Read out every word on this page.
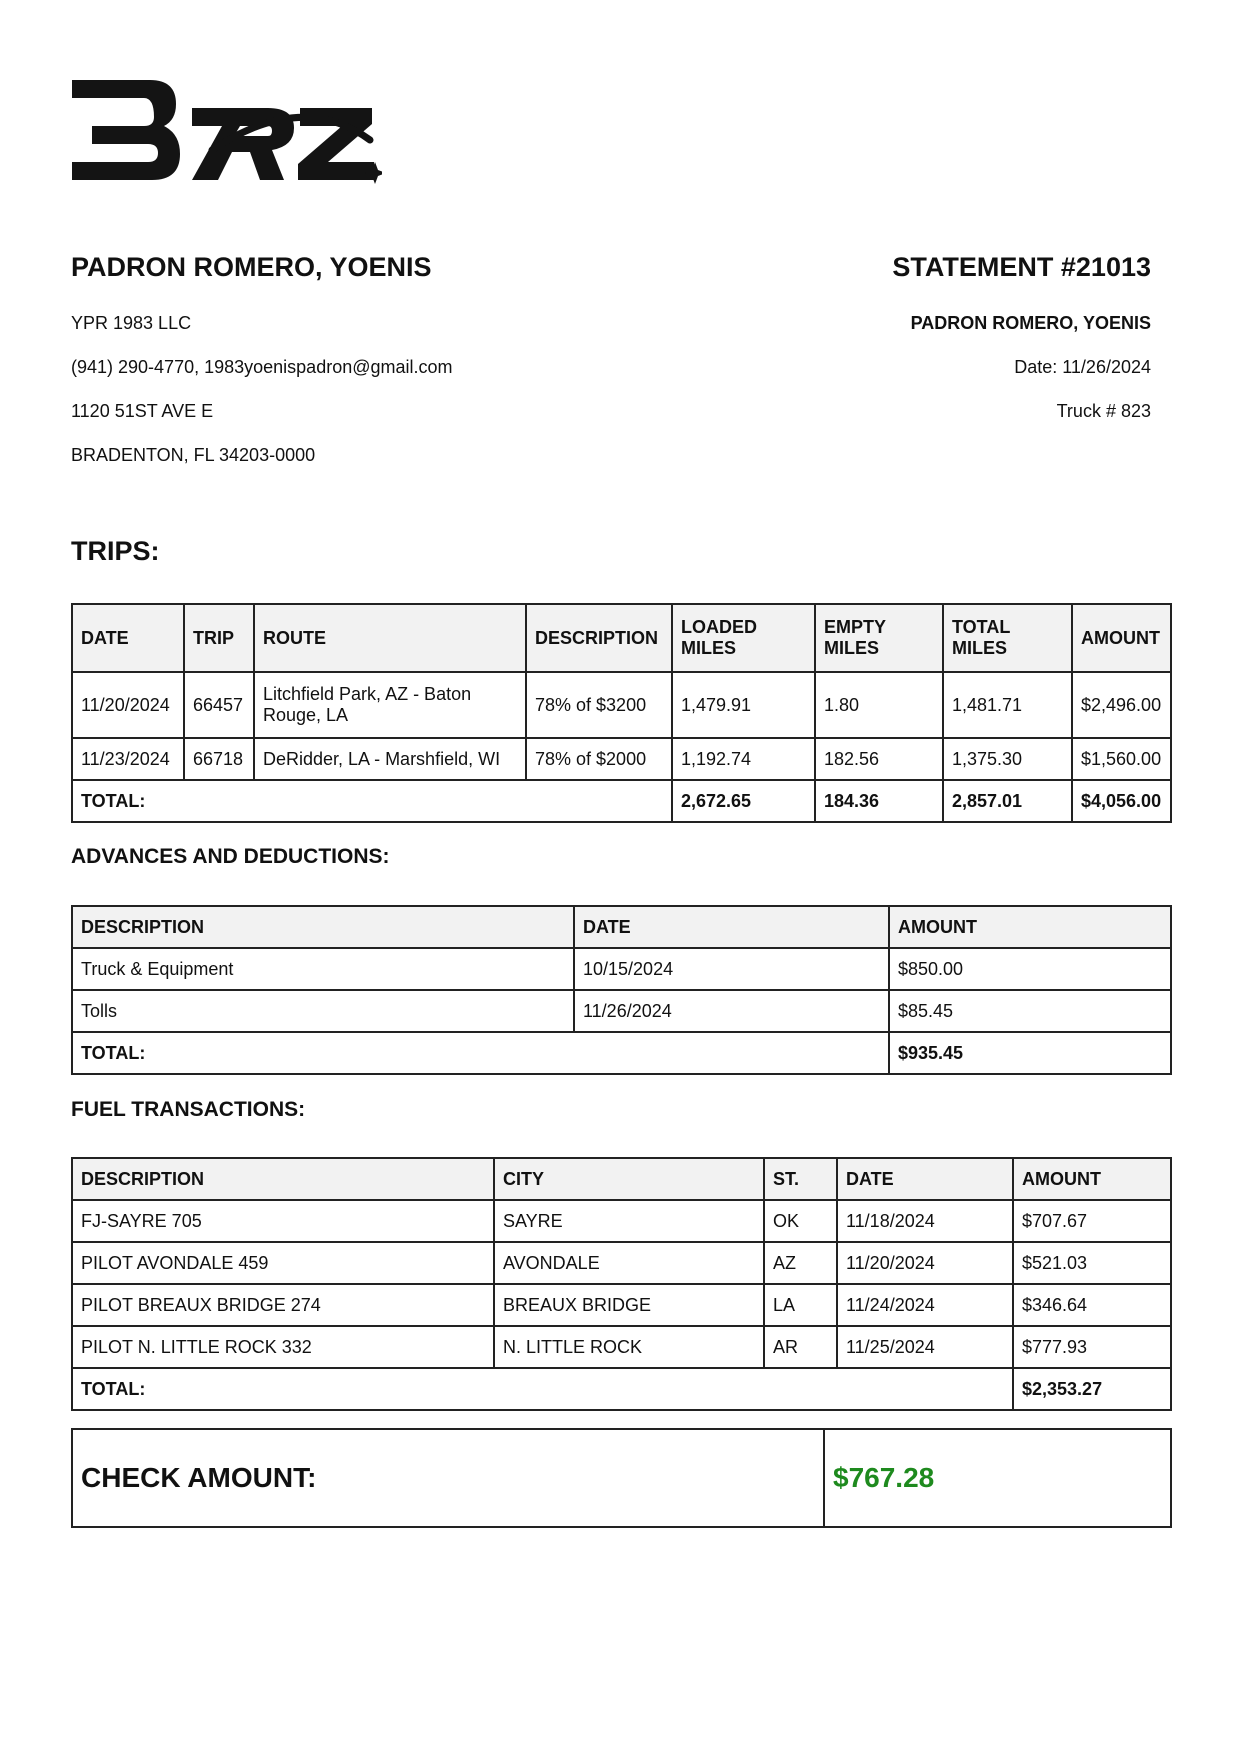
PADRON ROMERO, YOENIS
YPR 1983 LLC
(941) 290-4770, 1983yoenispadron@gmail.com
1120 51ST AVE E
BRADENTON, FL 34203-0000
STATEMENT #21013
PADRON ROMERO, YOENIS
Date: 11/26/2024
Truck # 823
TRIPS:
DATE	TRIP	ROUTE	DESCRIPTION	LOADED MILES	EMPTY MILES	TOTAL MILES	AMOUNT
11/20/2024	66457	Litchfield Park, AZ - Baton Rouge, LA	78% of $3200	1,479.91	1.80	1,481.71	$2,496.00
11/23/2024	66718	DeRidder, LA - Marshfield, WI	78% of $2000	1,192.74	182.56	1,375.30	$1,560.00
TOTAL:				2,672.65	184.36	2,857.01	$4,056.00
ADVANCES AND DEDUCTIONS:
DESCRIPTION	DATE	AMOUNT
Truck & Equipment	10/15/2024	$850.00
Tolls	11/26/2024	$85.45
TOTAL:		$935.45
FUEL TRANSACTIONS:
DESCRIPTION	CITY	ST.	DATE	AMOUNT
FJ-SAYRE 705	SAYRE	OK	11/18/2024	$707.67
PILOT AVONDALE 459	AVONDALE	AZ	11/20/2024	$521.03
PILOT BREAUX BRIDGE 274	BREAUX BRIDGE	LA	11/24/2024	$346.64
PILOT N. LITTLE ROCK 332	N. LITTLE ROCK	AR	11/25/2024	$777.93
TOTAL:				$2,353.27
CHECK AMOUNT:	$767.28
